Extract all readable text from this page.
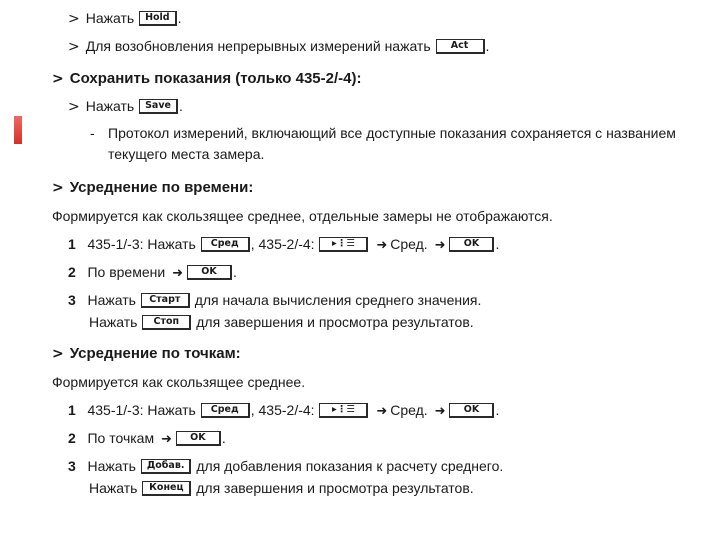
> Нажать Hold .
> Для возобновления непрерывных измерений нажать Act .
> Сохранить показания (только 435-2/-4):
> Нажать Save .
- Протокол измерений, включающий все доступные показания сохраняется с названием
текущего места замера.
> Усреднение по времени:
Формируется как скользящее среднее, отдельные замеры не отображаются.
1 435-1/-3: Нажать Сред , 435-2/-4: ▸⋮☰ ➜ Сред. ➜ OK .
2 По времени ➜ OK .
3 Нажать Старт для начала вычисления среднего значения.
Нажать Стоп для завершения и просмотра результатов.
> Усреднение по точкам:
Формируется как скользящее среднее.
1 435-1/-3: Нажать Сред , 435-2/-4: ▸⋮☰ ➜ Сред. ➜ OK .
2 По точкам ➜ OK .
3 Нажать Добав. для добавления показания к расчету среднего.
Нажать Конец для завершения и просмотра результатов.
